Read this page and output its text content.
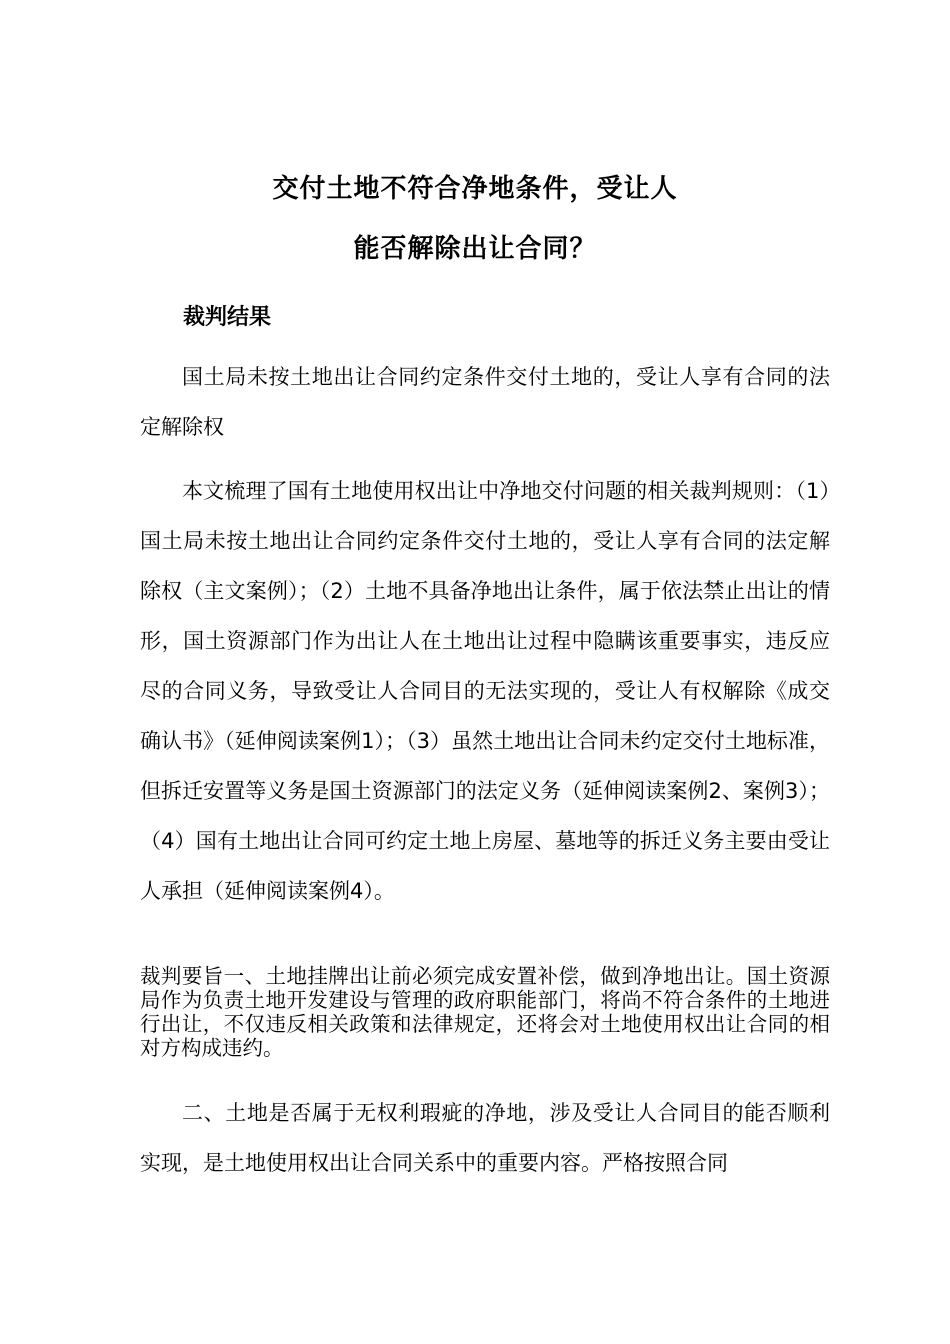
交付土地不符合净地条件，受让人
能否解除出让合同？
裁判结果

国土局未按土地出让合同约定条件交付土地的，受让人享有合同的法定解除权

本文梳理了国有土地使用权出让中净地交付问题的相关裁判规则：（1）国土局未按土地出让合同约定条件交付土地的，受让人享有合同的法定解除权（主文案例）；（2）土地不具备净地出让条件，属于依法禁止出让的情形，国土资源部门作为出让人在土地出让过程中隐瞒该重要事实，违反应尽的合同义务，导致受让人合同目的无法实现的，受让人有权解除《成交确认书》（延伸阅读案例1）；（3）虽然土地出让合同未约定交付土地标准，但拆迁安置等义务是国土资源部门的法定义务（延伸阅读案例2、案例3）；（4）国有土地出让合同可约定土地上房屋、墓地等的拆迁义务主要由受让人承担（延伸阅读案例4）。

裁判要旨一、土地挂牌出让前必须完成安置补偿，做到净地出让。国土资源局作为负责土地开发建设与管理的政府职能部门，将尚不符合条件的土地进行出让，不仅违反相关政策和法律规定，还将会对土地使用权出让合同的相对方构成违约。

二、土地是否属于无权利瑕疵的净地，涉及受让人合同目的能否顺利实现，是土地使用权出让合同关系中的重要内容。严格按照合同
